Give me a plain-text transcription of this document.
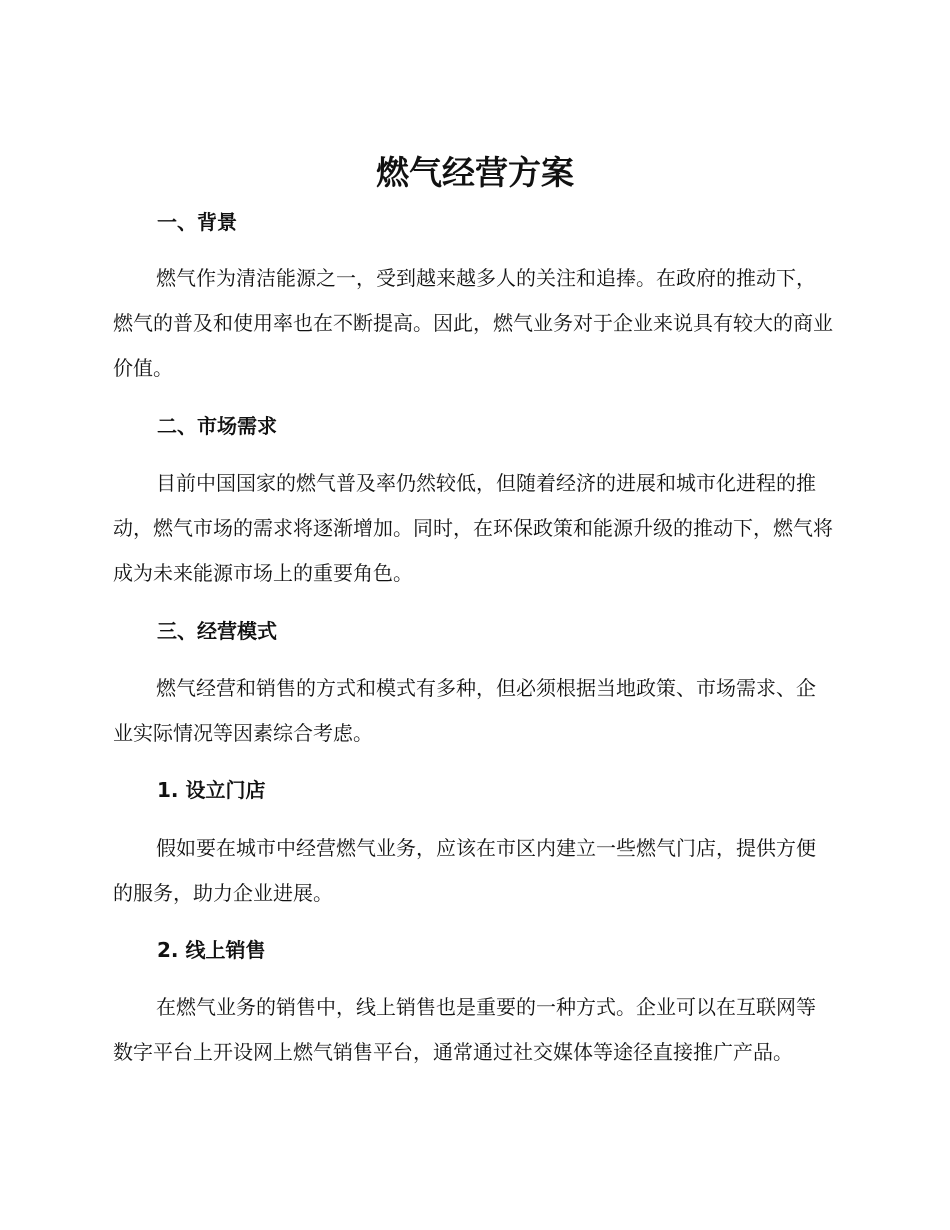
燃气经营方案
一、背景

燃气作为清洁能源之一，受到越来越多人的关注和追捧。在政府的推动下，燃气的普及和使用率也在不断提高。因此，燃气业务对于企业来说具有较大的商业价值。

二、市场需求

目前中国国家的燃气普及率仍然较低，但随着经济的进展和城市化进程的推动，燃气市场的需求将逐渐增加。同时，在环保政策和能源升级的推动下，燃气将成为未来能源市场上的重要角色。

三、经营模式

燃气经营和销售的方式和模式有多种，但必须根据当地政策、市场需求、企业实际情况等因素综合考虑。

1. 设立门店

假如要在城市中经营燃气业务，应该在市区内建立一些燃气门店，提供方便的服务，助力企业进展。

2. 线上销售

在燃气业务的销售中，线上销售也是重要的一种方式。企业可以在互联网等数字平台上开设网上燃气销售平台，通常通过社交媒体等途径直接推广产品。
